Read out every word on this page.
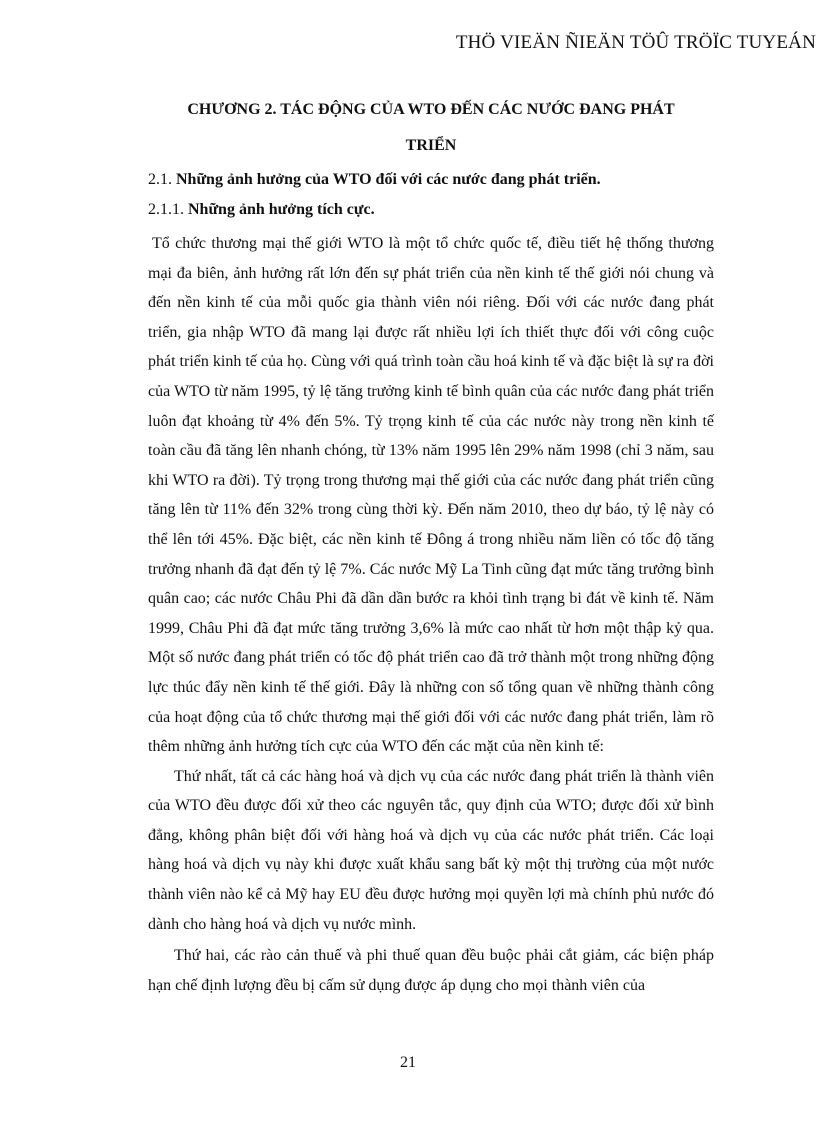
THÖ VIEÄN ÑIEÄN TÖÛ TRÖÏC TUYEÁN
CHƯƠNG 2. TÁC ĐỘNG CỦA WTO ĐẾN CÁC NƯỚC ĐANG PHÁT
TRIỂN
2.1. Những ảnh hưởng của WTO đối với các nước đang phát triển.
2.1.1. Những ảnh hưởng tích cực.

Tổ chức thương mại thế giới WTO là một tổ chức quốc tế, điều tiết hệ thống thương mại đa biên, ảnh hưởng rất lớn đến sự phát triển của nền kinh tế thế giới nói chung và đến nền kinh tế của mỗi quốc gia thành viên nói riêng. Đối với các nước đang phát triển, gia nhập WTO đã mang lại được rất nhiều lợi ích thiết thực đối với công cuộc phát triển kinh tế của họ. Cùng với quá trình toàn cầu hoá kinh tế và đặc biệt là sự ra đời của WTO từ năm 1995, tỷ lệ tăng trưởng kinh tế bình quân của các nước đang phát triển luôn đạt khoảng từ 4% đến 5%. Tỷ trọng kinh tế của các nước này trong nền kinh tế toàn cầu đã tăng lên nhanh chóng, từ 13% năm 1995 lên 29% năm 1998 (chỉ 3 năm, sau khi WTO ra đời). Tỷ trọng trong thương mại thế giới của các nước đang phát triển cũng tăng lên từ 11% đến 32% trong cùng thời kỳ. Đến năm 2010, theo dự báo, tỷ lệ này có thể lên tới 45%. Đặc biệt, các nền kinh tế Đông á trong nhiều năm liền có tốc độ tăng trưởng nhanh đã đạt đến tỷ lệ 7%. Các nước Mỹ La Tinh cũng đạt mức tăng trưởng bình quân cao; các nước Châu Phi đã dần dần bước ra khỏi tình trạng bi đát về kinh tế. Năm 1999, Châu Phi đã đạt mức tăng trưởng 3,6% là mức cao nhất từ hơn một thập kỷ qua. Một số nước đang phát triển có tốc độ phát triển cao đã trở thành một trong những động lực thúc đẩy nền kinh tế thế giới. Đây là những con số tổng quan về những thành công của hoạt động của tổ chức thương mại thế giới đối với các nước đang phát triển, làm rõ thêm những ảnh hưởng tích cực của WTO đến các mặt của nền kinh tế:

Thứ nhất, tất cả các hàng hoá và dịch vụ của các nước đang phát triển là thành viên của WTO đều được đối xử theo các nguyên tắc, quy định của WTO; được đối xử bình đẳng, không phân biệt đối với hàng hoá và dịch vụ của các nước phát triển. Các loại hàng hoá và dịch vụ này khi được xuất khẩu sang bất kỳ một thị trường của một nước thành viên nào kể cả Mỹ hay EU đều được hưởng mọi quyền lợi mà chính phủ nước đó dành cho hàng hoá và dịch vụ nước mình.

Thứ hai, các rào cản thuế và phi thuế quan đều buộc phải cắt giảm, các biện pháp hạn chế định lượng đều bị cấm sử dụng được áp dụng cho mọi thành viên của

21
